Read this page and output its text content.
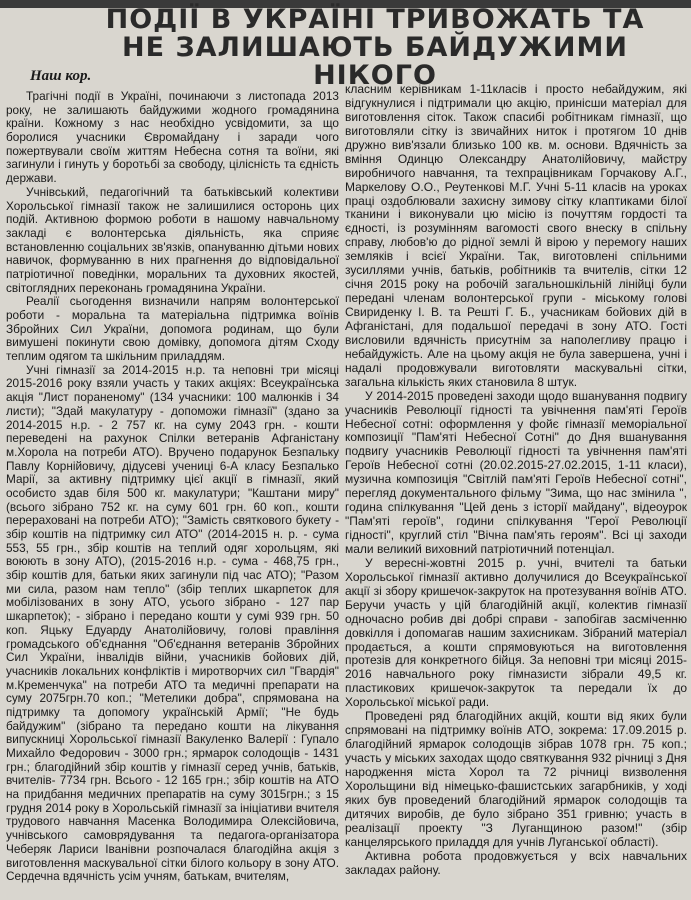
ПОДІЇ В УКРАЇНІ ТРИВОЖАТЬ ТА
НЕ ЗАЛИШАЮТЬ БАЙДУЖИМИ НІКОГО
Наш кор.

Трагічні події в Україні, починаючи з листопада 2013 року, не залишають байдужими жодного громадянина країни. Кожному з нас необхідно усвідомити, за що боролися учасники Євромайдану і заради чого пожертвували своїм життям Небесна сотня та воїни, які загинули і гинуть у боротьбі за свободу, цілісність та єдність держави.

Учнівський, педагогічний та батьківський колективи Хорольської гімназії також не залишилися осторонь цих подій. Активною формою роботи в нашому навчальному закладі є волонтерська діяльність, яка сприяє встановленню соціальних зв'язків, опануванню дітьми нових навичок, формуванню в них прагнення до відповідальної патріотичної поведінки, моральних та духовних якостей, світоглядних переконань громадянина України.

Реалії сьогодення визначили напрям волонтерської роботи - моральна та матеріальна підтримка воїнів Збройних Сил України, допомога родинам, що були вимушені покинути свою домівку, допомога дітям Сходу теплим одягом та шкільним приладдям.

Учні гімназії за 2014-2015 н.р. та неповні три місяці 2015-2016 року взяли участь у таких акціях: Всеукраїнська акція "Лист пораненому" (134 учасники: 100 малюнків і 34 листи); "Здай макулатуру - допоможи гімназії" (здано за 2014-2015 н.р. - 2 757 кг. на суму 2043 грн. - кошти переведені на рахунок Спілки ветеранів Афганістану м.Хорола на потреби АТО). Вручено подарунок Безпальку Павлу Корнійовичу, дідусеві учениці 6-А класу Безпалько Марії, за активну підтримку цієї акції в гімназії, який особисто здав біля 500 кг. макулатури; "Каштани миру" (всього зібрано 752 кг. на суму 601 грн. 60 коп., кошти перераховані на потреби АТО); "Замість святкового букету - збір коштів на підтримку сил АТО" (2014-2015 н. р. - сума 553, 55 грн., збір коштів на теплий одяг хорольцям, які воюють в зону АТО), (2015-2016 н.р. - сума - 468,75 грн., збір коштів для, батьки яких загинули під час АТО); "Разом ми сила, разом нам тепло" (збір теплих шкарпеток для мобілізованих в зону АТО, усього зібрано - 127 пар шкарпеток); - зібрано і передано кошти у сумі 939 грн. 50 коп. Яцьку Едуарду Анатолійовичу, голові правління громадського об'єднання "Об'єднання ветеранів Збройних Сил України, інвалідів війни, учасників бойових дій, учасників локальних конфліктів і миротворчих сил "Гвардія" м.Кременчука" на потреби АТО та медичні препарати на суму 2075грн.70 коп.; "Метелики добра", спрямована на підтримку та допомогу українській Армії; "Не будь байдужим" (зібрано та передано кошти на лікування випускниці Хорольської гімназії Вакуленко Валерії : Гупало Михайло Федорович - 3000 грн.; ярмарок солодощів - 1431 грн.; благодійний збір коштів у гімназії серед учнів, батьків, вчителів- 7734 грн. Всього - 12 165 грн.; збір коштів на АТО на придбання медичних препаратів на суму 3015грн.; з 15 грудня 2014 року в Хорольській гімназії за ініціативи вчителя трудового навчання Масенка Володимира Олексійовича, учнівського самоврядування та педагога-організатора Чеберяк Лариси Іванівни розпочалася благодійна акція з виготовлення маскувальної сітки білого кольору в зону АТО. Сердечна вдячність усім учням, батькам, вчителям,

класним керівникам 1-11класів і просто небайдужим, які відгукнулися і підтримали цю акцію, принісши матеріал для виготовлення сіток. Також спасибі робітникам гімназії, що виготовляли сітку із звичайних ниток і протягом 10 днів дружно вив'язали близько 100 кв. м. основи. Вдячність за вміння Одинцю Олександру Анатолійовичу, майстру виробничого навчання, та техпрацівникам Горчакову А.Г., Маркелову О.О., Реутенкові М.Г. Учні 5-11 класів на уроках праці оздоблювали захисну зимову сітку клаптиками білої тканини і виконували цю місію із почуттям гордості та єдності, із розумінням вагомості свого внеску в спільну справу, любов'ю до рідної землі й вірою у перемогу наших земляків і всієї України. Так, виготовлені спільними зусиллями учнів, батьків, робітників та вчителів, сітки 12 січня 2015 року на робочій загальношкільній лінійці були передані членам волонтерської групи - міському голові Свириденку І. В. та Решті Г. Б., учасникам бойових дій в Афганістані, для подальшої передачі в зону АТО. Гості висловили вдячність присутнім за наполегливу працю і небайдужість. Але на цьому акція не була завершена, учні і надалі продовжували виготовляти маскувальні сітки, загальна кількість яких становила 8 штук.

У 2014-2015 проведені заходи щодо вшанування подвигу учасників Революції гідності та увічнення пам'яті Героїв Небесної сотні: оформлення у фойє гімназії меморіальної композиції "Пам'яті Небесної Сотні" до Дня вшанування подвигу учасників Революції гідності та увічнення пам'яті Героїв Небесної сотні (20.02.2015-27.02.2015, 1-11 класи), музична композиція "Світлій пам'яті Героїв Небесної сотні", перегляд документального фільму "Зима, що нас змінила ", година спілкування "Цей день з історії майдану", відеоурок "Пам'яті героїв", години спілкування "Герої Революції гідності", круглий стіл "Вічна пам'ять героям". Всі ці заходи мали великий виховний патріотичний потенціал.

У вересні-жовтні 2015 р. учні, вчителі та батьки Хорольської гімназії активно долучилися до Всеукраїнської акції зі збору кришечок-закруток на протезування воїнів АТО. Беручи участь у цій благодійній акції, колектив гімназії одночасно робив дві добрі справи - запобігав засміченню довкілля і допомагав нашим захисникам. Зібраний матеріал продається, а кошти спрямовуються на виготовлення протезів для конкретного бійця. За неповні три місяці 2015-2016 навчального року гімназисти зібрали 49,5 кг. пластикових кришечок-закруток та передали їх до Хорольської міської ради.

Проведені ряд благодійних акцій, кошти від яких були спрямовані на підтримку воїнів АТО, зокрема: 17.09.2015 р. благодійний ярмарок солодощів зібрав 1078 грн. 75 коп.; участь у міських заходах щодо святкування 932 річниці з Дня народження міста Хорол та 72 річниці визволення Хорольщини від німецько-фашистських загарбників, у ході яких був проведений благодійний ярмарок солодощів та дитячих виробів, де було зібрано 351 гривню; участь в реалізації проекту "З Луганщиною разом!" (збір канцелярського приладдя для учнів Луганської області).

Активна робота продовжується у всіх навчальних закладах району.
